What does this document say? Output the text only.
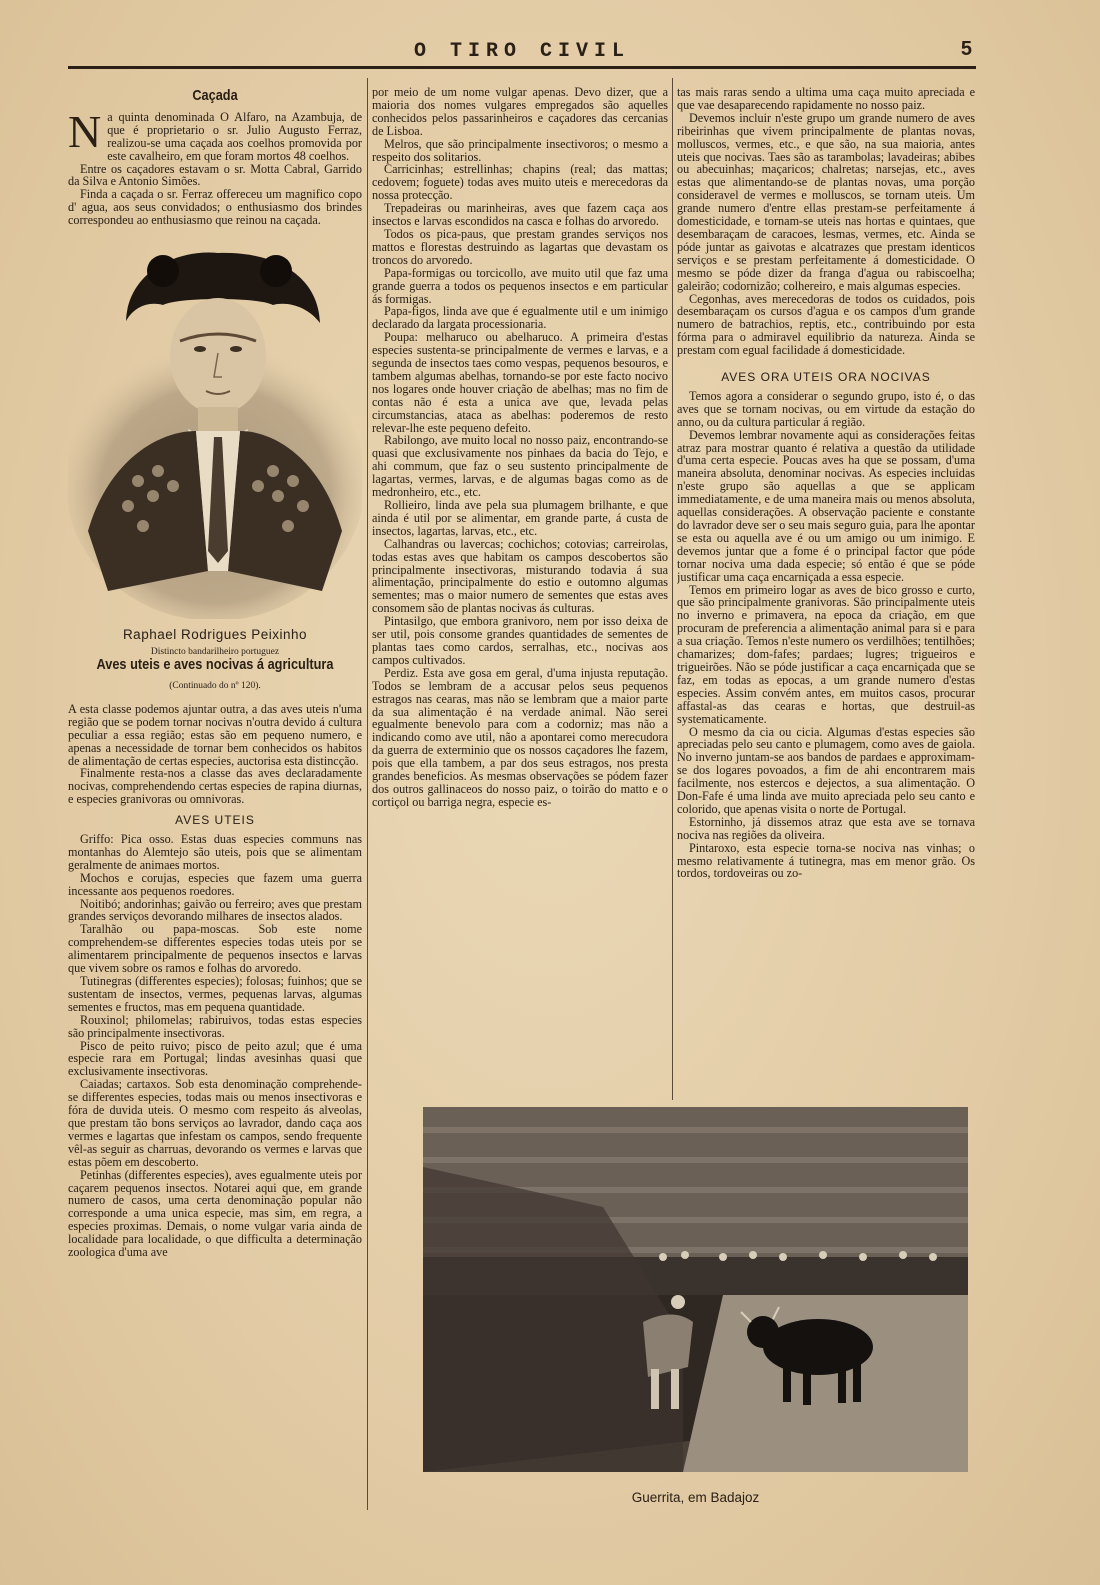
O TIRO CIVIL	5
Caçada

Na quinta denominada O Alfaro, na Azambuja, de que é proprietario o sr. Julio Augusto Ferraz, realizou-se uma caçada aos coelhos promovida por este cavalheiro, em que foram mortos 48 coelhos.

Entre os caçadores estavam o sr. Motta Cabral, Garrido da Silva e Antonio Simões.

Finda a caçada o sr. Ferraz offereceu um magnifico copo d' agua, aos seus convidados; o enthusiasmo dos brindes correspondeu ao enthusiasmo que reinou na caçada.

Raphael Rodrigues Peixinho
Distincto bandarilheiro portuguez
Aves uteis e aves nocivas á agricultura
(Continuado do nº 120).

A esta classe podemos ajuntar outra, a das aves uteis n'uma região que se podem tornar nocivas n'outra devido á cultura peculiar a essa região; estas são em pequeno numero, e apenas a necessidade de tornar bem conhecidos os habitos de alimentação de certas especies, auctorisa esta distincção.

Finalmente resta-nos a classe das aves declaradamente nocivas, comprehendendo certas especies de rapina diurnas, e especies granivoras ou omnivoras.

AVES UTEIS

Griffo: Pica osso. Estas duas especies communs nas montanhas do Alemtejo são uteis, pois que se alimentam geralmente de animaes mortos.

Mochos e corujas, especies que fazem uma guerra incessante aos pequenos roedores.

Noitibó; andorinhas; gaivão ou ferreiro; aves que prestam grandes serviços devorando milhares de insectos alados.

Taralhão ou papa-moscas. Sob este nome comprehendem-se differentes especies todas uteis por se alimentarem principalmente de pequenos insectos e larvas que vivem sobre os ramos e folhas do arvoredo.

Tutinegras (differentes especies); folosas; fuinhos; que se sustentam de insectos, vermes, pequenas larvas, algumas sementes e fructos, mas em pequena quantidade.

Rouxinol; philomelas; rabiruivos, todas estas especies são principalmente insectivoras.

Pisco de peito ruivo; pisco de peito azul; que é uma especie rara em Portugal; lindas avesinhas quasi que exclusivamente insectivoras.

Caiadas; cartaxos. Sob esta denominação comprehende-se differentes especies, todas mais ou menos insectivoras e fóra de duvida uteis. O mesmo com respeito ás alveolas, que prestam tão bons serviços ao lavrador, dando caça aos vermes e lagartas que infestam os campos, sendo frequente vêl-as seguir as charruas, devorando os vermes e larvas que estas põem em descoberto.

Petinhas (differentes especies), aves egualmente uteis por caçarem pequenos insectos. Notarei aqui que, em grande numero de casos, uma certa denominação popular não corresponde a uma unica especie, mas sim, em regra, a especies proximas. Demais, o nome vulgar varia ainda de localidade para localidade, o que difficulta a determinação zoologica d'uma ave

por meio de um nome vulgar apenas. Devo dizer, que a maioria dos nomes vulgares empregados são aquelles conhecidos pelos passarinheiros e caçadores das cercanias de Lisboa.

Melros, que são principalmente insectivoros; o mesmo a respeito dos solitarios.

Carricinhas; estrellinhas; chapins (real; das mattas; cedovem; foguete) todas aves muito uteis e merecedoras da nossa protecção.

Trepadeiras ou marinheiras, aves que fazem caça aos insectos e larvas escondidos na casca e folhas do arvoredo.

Todos os pica-paus, que prestam grandes serviços nos mattos e florestas destruindo as lagartas que devastam os troncos do arvoredo.

Papa-formigas ou torcicollo, ave muito util que faz uma grande guerra a todos os pequenos insectos e em particular ás formigas.

Papa-figos, linda ave que é egualmente util e um inimigo declarado da largata processionaria.

Poupa: melharuco ou abelharuco. A primeira d'estas especies sustenta-se principalmente de vermes e larvas, e a segunda de insectos taes como vespas, pequenos besouros, e tambem algumas abelhas, tornando-se por este facto nocivo nos logares onde houver criação de abelhas; mas no fim de contas não é esta a unica ave que, levada pelas circumstancias, ataca as abelhas: poderemos de resto relevar-lhe este pequeno defeito.

Rabilongo, ave muito local no nosso paiz, encontrando-se quasi que exclusivamente nos pinhaes da bacia do Tejo, e ahi commum, que faz o seu sustento principalmente de lagartas, vermes, larvas, e de algumas bagas como as de medronheiro, etc., etc.

Rollieiro, linda ave pela sua plumagem brilhante, e que ainda é util por se alimentar, em grande parte, á custa de insectos, lagartas, larvas, etc., etc.

Calhandras ou lavercas; cochichos; cotovias; carreirolas, todas estas aves que habitam os campos descobertos são principalmente insectivoras, misturando todavia á sua alimentação, principalmente do estio e outomno algumas sementes; mas o maior numero de sementes que estas aves consomem são de plantas nocivas ás culturas.

Pintasilgo, que embora granivoro, nem por isso deixa de ser util, pois consome grandes quantidades de sementes de plantas taes como cardos, serralhas, etc., nocivas aos campos cultivados.

Perdiz. Esta ave gosa em geral, d'uma injusta reputação. Todos se lembram de a accusar pelos seus pequenos estragos nas cearas, mas não se lembram que a maior parte da sua alimentação é na verdade animal. Não serei egualmente benevolo para com a codorniz; mas não a indicando como ave util, não a apontarei como merecudora da guerra de exterminio que os nossos caçadores lhe fazem, pois que ella tambem, a par dos seus estragos, nos presta grandes beneficios. As mesmas observações se pódem fazer dos outros gallinaceos do nosso paiz, o toirão do matto e o cortiçol ou barriga negra, especie es-

tas mais raras sendo a ultima uma caça muito apreciada e que vae desaparecendo rapidamente no nosso paiz.

Devemos incluir n'este grupo um grande numero de aves ribeirinhas que vivem principalmente de plantas novas, molluscos, vermes, etc., e que são, na sua maioria, antes uteis que nocivas. Taes são as tarambolas; lavadeiras; abibes ou abecuinhas; maçaricos; chalretas; narsejas, etc., aves estas que alimentando-se de plantas novas, uma porção consideravel de vermes e molluscos, se tornam uteis. Um grande numero d'entre ellas prestam-se perfeitamente á domesticidade, e tornam-se uteis nas hortas e quintaes, que desembaraçam de caracoes, lesmas, vermes, etc. Ainda se póde juntar as gaivotas e alcatrazes que prestam identicos serviços e se prestam perfeitamente á domesticidade. O mesmo se póde dizer da franga d'agua ou rabiscoelha; galeirão; codornizão; colhereiro, e mais algumas especies.

Cegonhas, aves merecedoras de todos os cuidados, pois desembaraçam os cursos d'agua e os campos d'um grande numero de batrachios, reptis, etc., contribuindo por esta fórma para o admiravel equilibrio da natureza. Ainda se prestam com egual facilidade á domesticidade.

AVES ORA UTEIS ORA NOCIVAS

Temos agora a considerar o segundo grupo, isto é, o das aves que se tornam nocivas, ou em virtude da estação do anno, ou da cultura particular á região.

Devemos lembrar novamente aqui as considerações feitas atraz para mostrar quanto é relativa a questão da utilidade d'uma certa especie. Poucas aves ha que se possam, d'uma maneira absoluta, denominar nocivas. As especies incluidas n'este grupo são aquellas a que se applicam immediatamente, e de uma maneira mais ou menos absoluta, aquellas considerações. A observação paciente e constante do lavrador deve ser o seu mais seguro guia, para lhe apontar se esta ou aquella ave é ou um amigo ou um inimigo. E devemos juntar que a fome é o principal factor que póde tornar nociva uma dada especie; só então é que se póde justificar uma caça encarniçada a essa especie.

Temos em primeiro logar as aves de bico grosso e curto, que são principalmente granivoras. São principalmente uteis no inverno e primavera, na epoca da criação, em que procuram de preferencia a alimentação animal para si e para a sua criação. Temos n'este numero os verdilhões; tentilhões; chamarizes; dom-fafes; pardaes; lugres; trigueiros e trigueirões. Não se póde justificar a caça encarniçada que se faz, em todas as epocas, a um grande numero d'estas especies. Assim convém antes, em muitos casos, procurar affastal-as das cearas e hortas, que destruil-as systematicamente.

O mesmo da cia ou cicia. Algumas d'estas especies são apreciadas pelo seu canto e plumagem, como aves de gaiola. No inverno juntam-se aos bandos de pardaes e approximam-se dos logares povoados, a fim de ahi encontrarem mais facilmente, nos estercos e dejectos, a sua alimentação. O Don-Fafe é uma linda ave muito apreciada pelo seu canto e colorido, que apenas visita o norte de Portugal.

Estorninho, já dissemos atraz que esta ave se tornava nociva nas regiões da oliveira.

Pintaroxo, esta especie torna-se nociva nas vinhas; o mesmo relativamente á tutinegra, mas em menor grão. Os tordos, tordoveiras ou zo-

Guerrita, em Badajoz
